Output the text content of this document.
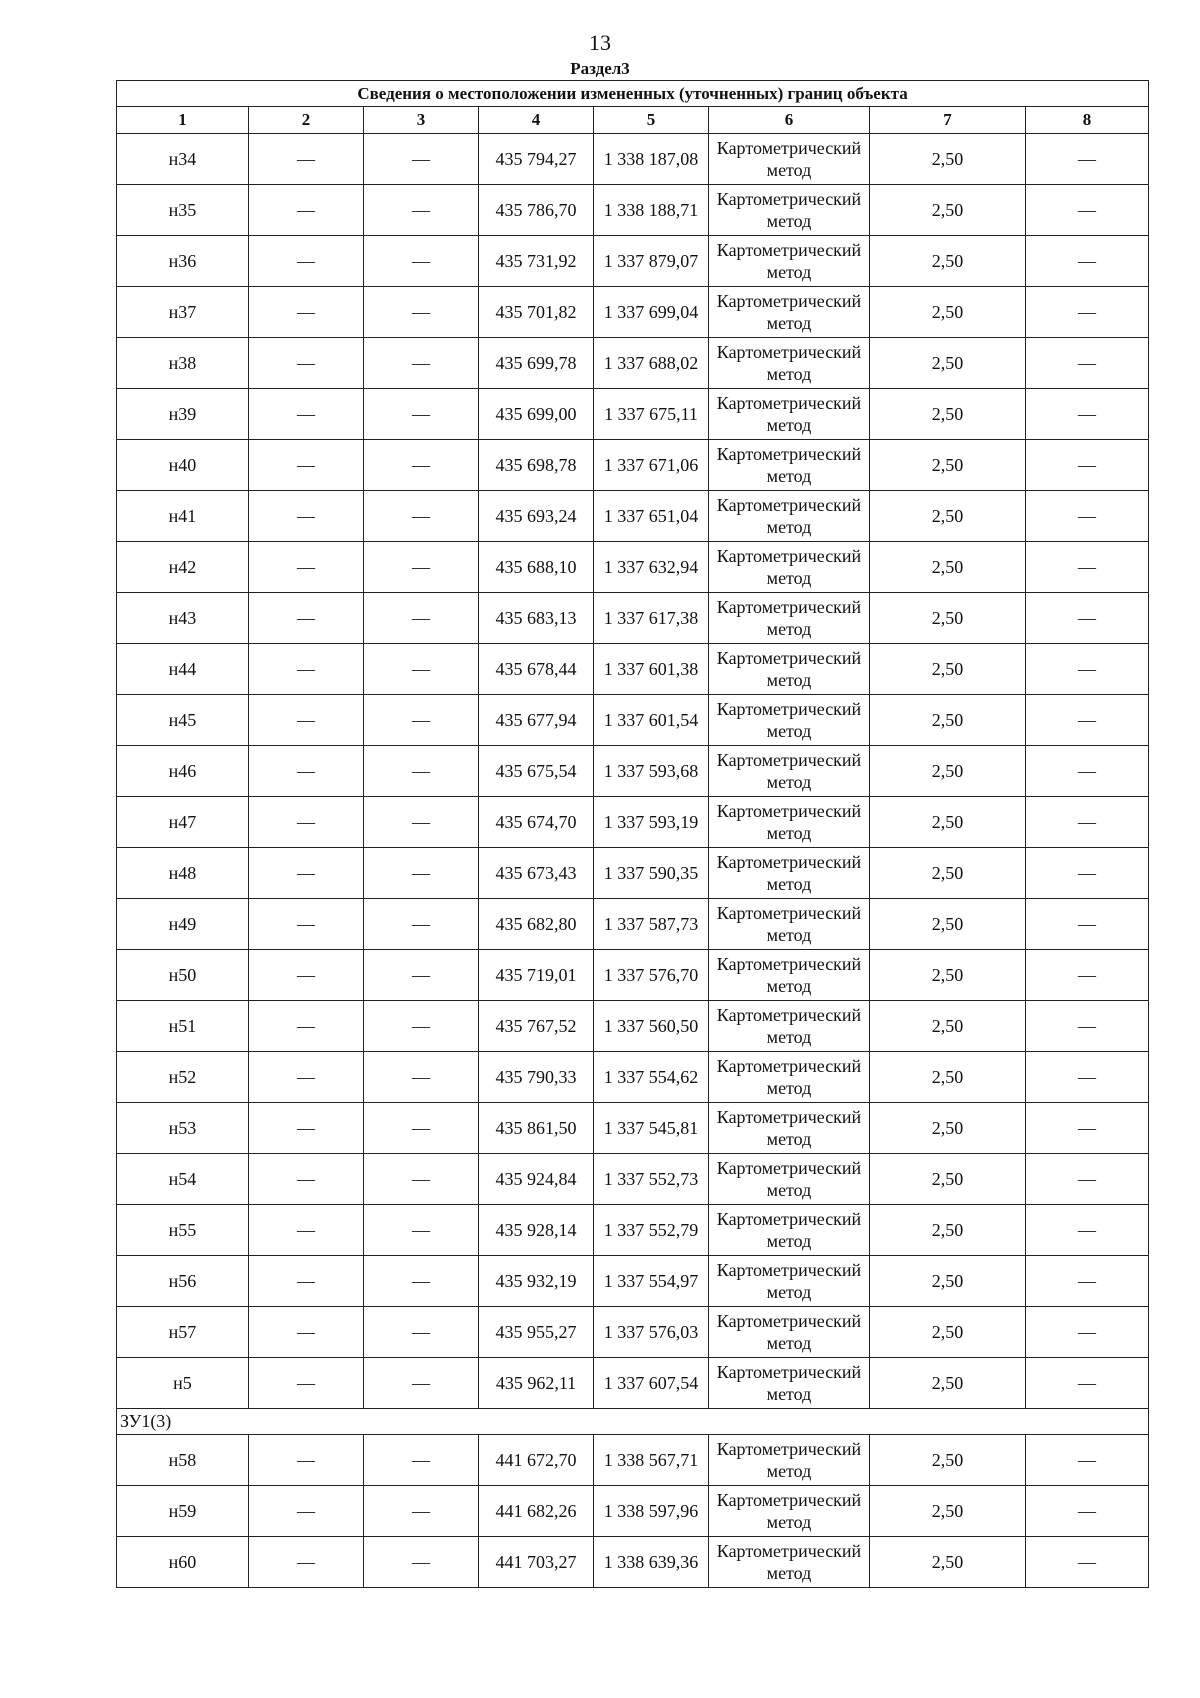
13
Раздел3
Сведения о местоположении измененных (уточненных) границ объекта							
1	2	3	4	5	6	7	8
н34	—	—	435 794,27	1 338 187,08	Картометрический метод	2,50	—
н35	—	—	435 786,70	1 338 188,71	Картометрический метод	2,50	—
н36	—	—	435 731,92	1 337 879,07	Картометрический метод	2,50	—
н37	—	—	435 701,82	1 337 699,04	Картометрический метод	2,50	—
н38	—	—	435 699,78	1 337 688,02	Картометрический метод	2,50	—
н39	—	—	435 699,00	1 337 675,11	Картометрический метод	2,50	—
н40	—	—	435 698,78	1 337 671,06	Картометрический метод	2,50	—
н41	—	—	435 693,24	1 337 651,04	Картометрический метод	2,50	—
н42	—	—	435 688,10	1 337 632,94	Картометрический метод	2,50	—
н43	—	—	435 683,13	1 337 617,38	Картометрический метод	2,50	—
н44	—	—	435 678,44	1 337 601,38	Картометрический метод	2,50	—
н45	—	—	435 677,94	1 337 601,54	Картометрический метод	2,50	—
н46	—	—	435 675,54	1 337 593,68	Картометрический метод	2,50	—
н47	—	—	435 674,70	1 337 593,19	Картометрический метод	2,50	—
н48	—	—	435 673,43	1 337 590,35	Картометрический метод	2,50	—
н49	—	—	435 682,80	1 337 587,73	Картометрический метод	2,50	—
н50	—	—	435 719,01	1 337 576,70	Картометрический метод	2,50	—
н51	—	—	435 767,52	1 337 560,50	Картометрический метод	2,50	—
н52	—	—	435 790,33	1 337 554,62	Картометрический метод	2,50	—
н53	—	—	435 861,50	1 337 545,81	Картометрический метод	2,50	—
н54	—	—	435 924,84	1 337 552,73	Картометрический метод	2,50	—
н55	—	—	435 928,14	1 337 552,79	Картометрический метод	2,50	—
н56	—	—	435 932,19	1 337 554,97	Картометрический метод	2,50	—
н57	—	—	435 955,27	1 337 576,03	Картометрический метод	2,50	—
н5	—	—	435 962,11	1 337 607,54	Картометрический метод	2,50	—
ЗУ1(3)							
н58	—	—	441 672,70	1 338 567,71	Картометрический метод	2,50	—
н59	—	—	441 682,26	1 338 597,96	Картометрический метод	2,50	—
н60	—	—	441 703,27	1 338 639,36	Картометрический метод	2,50	—
